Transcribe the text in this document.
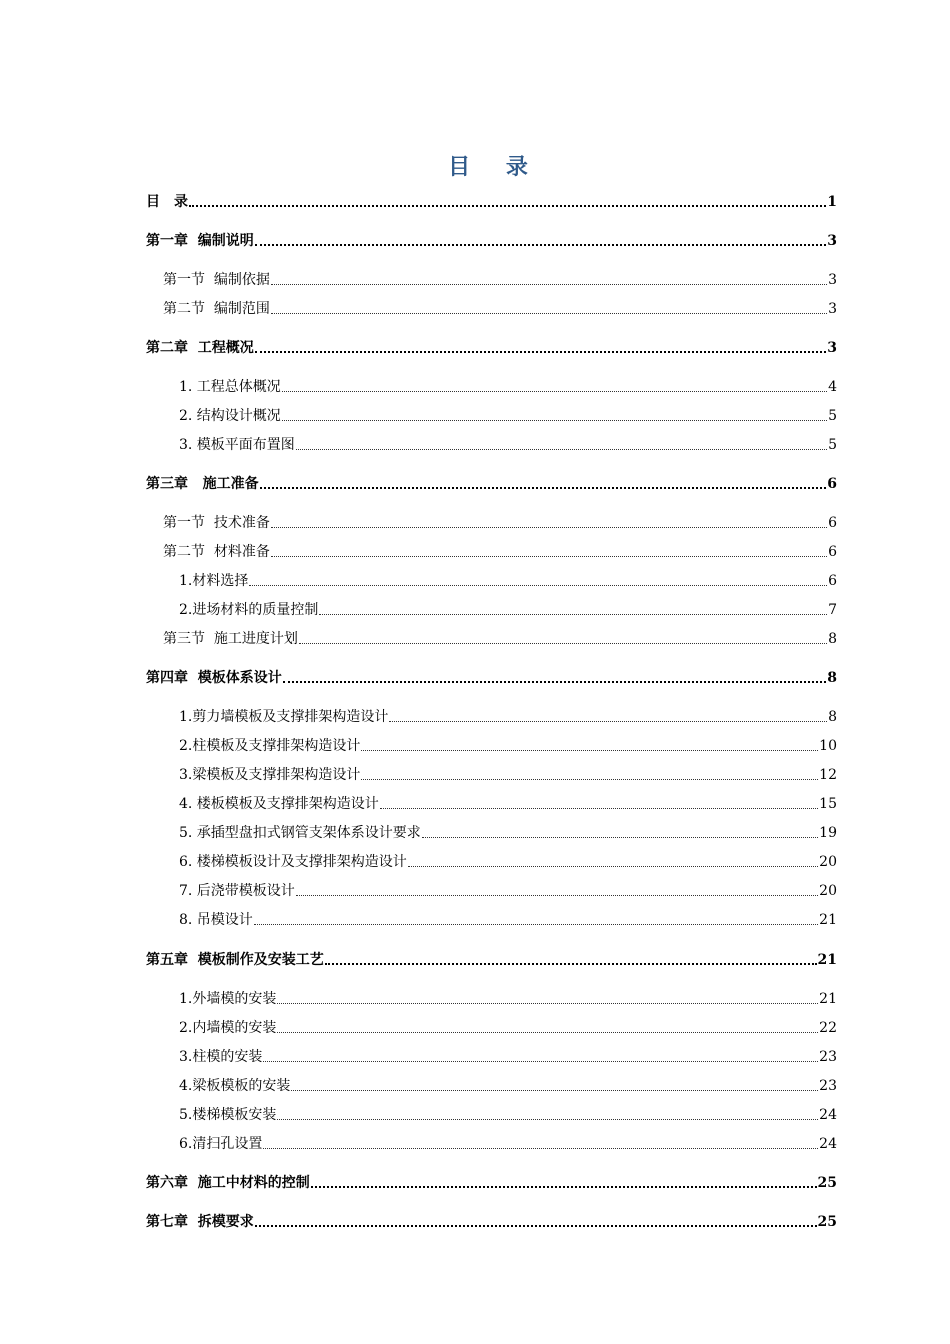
目 录
目　录	1
第一章  编制说明	3
第一节  编制依据	3
第二节  编制范围	3
第二章  工程概况	3
1. 工程总体概况	4
2. 结构设计概况	5
3. 模板平面布置图	5
第三章   施工准备	6
第一节  技术准备	6
第二节  材料准备	6
1.材料选择	6
2.进场材料的质量控制	7
第三节  施工进度计划	8
第四章  模板体系设计	8
1.剪力墙模板及支撑排架构造设计	8
2.柱模板及支撑排架构造设计	10
3.梁模板及支撑排架构造设计	12
4. 楼板模板及支撑排架构造设计	15
5. 承插型盘扣式钢管支架体系设计要求	19
6. 楼梯模板设计及支撑排架构造设计	20
7. 后浇带模板设计	20
8. 吊模设计	21
第五章  模板制作及安装工艺	21
1.外墙模的安装	21
2.内墙模的安装	22
3.柱模的安装	23
4.梁板模板的安装	23
5.楼梯模板安装	24
6.清扫孔设置	24
第六章  施工中材料的控制	25
第七章  拆模要求	25
